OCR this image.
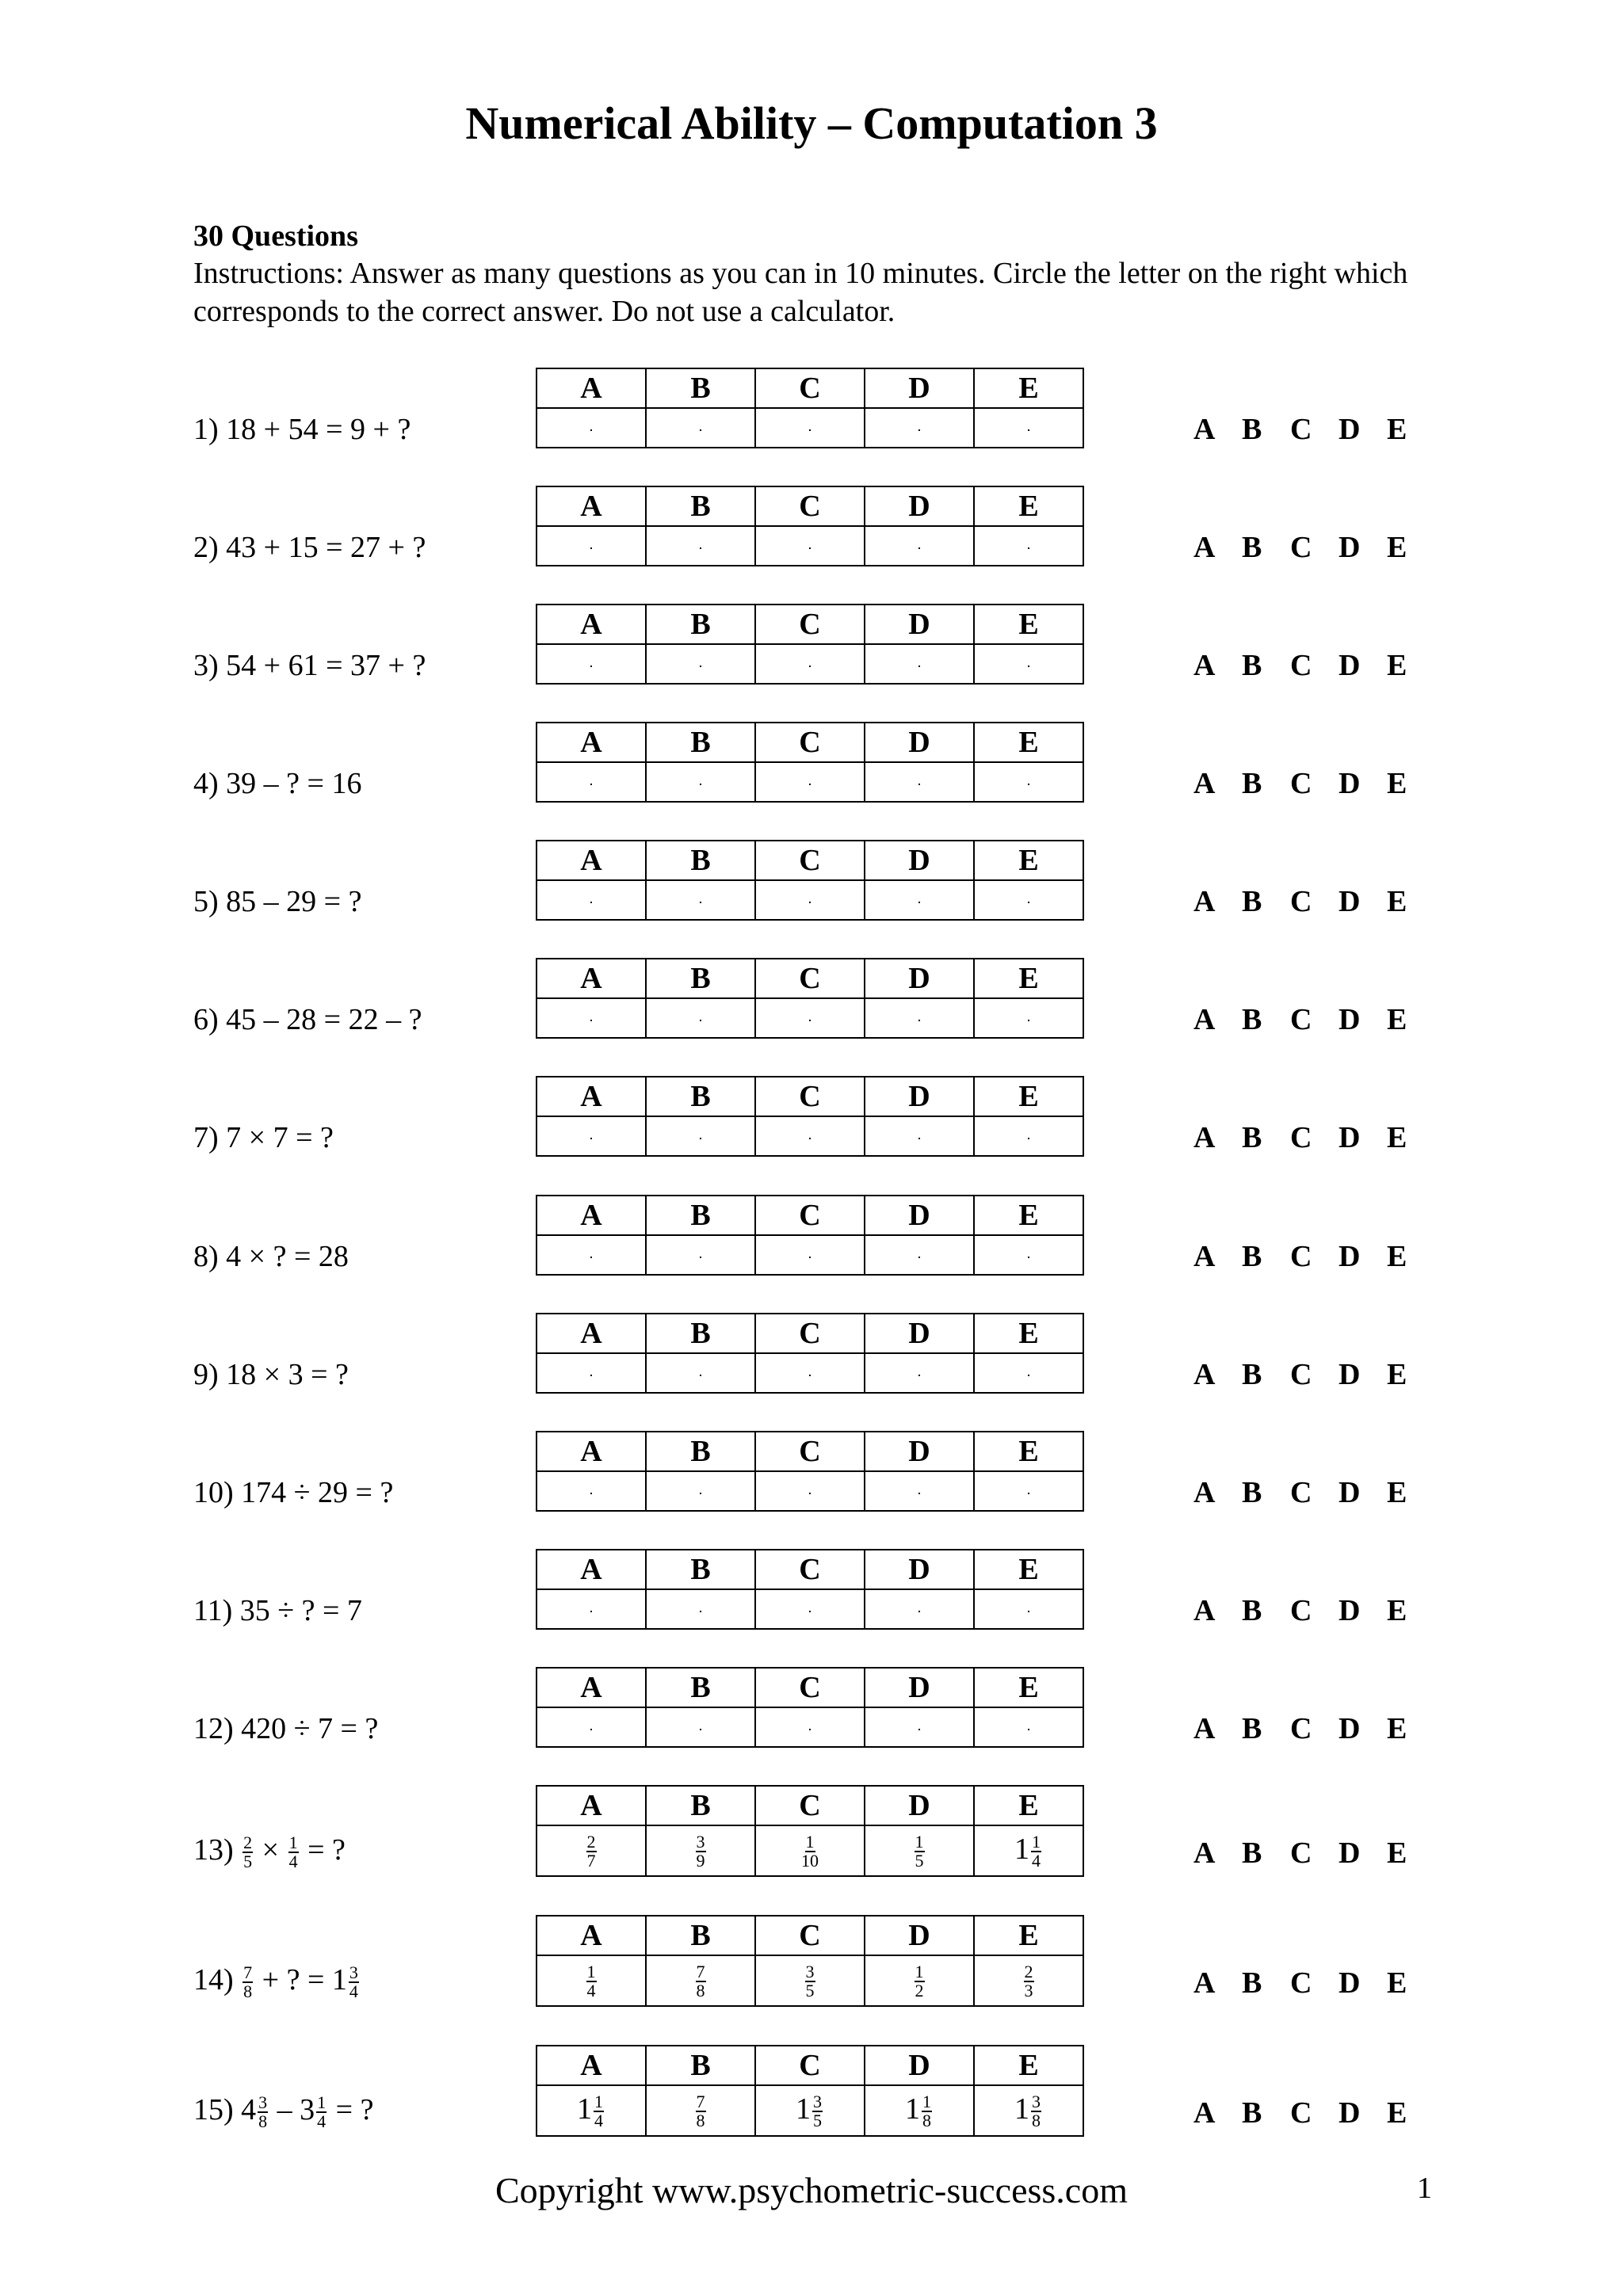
Numerical Ability – Computation 3
30 Questions
Instructions: Answer as many questions as you can in 10 minutes. Circle the letter on the right which corresponds to the correct answer. Do not use a calculator.
1) 18 + 54 = 9 + ?
A	B	C	D	E

A B C D E
2) 43 + 15 = 27 + ?
A	B	C	D	E

A B C D E
3) 54 + 61 = 37 + ?
A	B	C	D	E

A B C D E
4) 39 – ? = 16
A	B	C	D	E

A B C D E
5) 85 – 29 = ?
A	B	C	D	E

A B C D E
6) 45 – 28 = 22 – ?
A	B	C	D	E

A B C D E
7) 7 × 7 = ?
A	B	C	D	E

A B C D E
8) 4 × ? = 28
A	B	C	D	E

A B C D E
9) 18 × 3 = ?
A	B	C	D	E

A B C D E
10) 174 ÷ 29 = ?
A	B	C	D	E

A B C D E
11) 35 ÷ ? = 7
A	B	C	D	E

A B C D E
12) 420 ÷ 7 = ?
A	B	C	D	E

A B C D E
$13) \frac{2}{5} \times \frac{1}{4}$ = ?
A	B	C	D	E

$\frac{2}{7}$	$\frac{3}{9}$	$\frac{1}{10}$	$\frac{1}{5}$	$1 \frac{1}{4}$	A B C D E
$14) \frac{7}{8}$ + ? = $1 \frac{3}{4}$
A	B	C	D	E

$\frac{1}{4}$	$\frac{7}{8}$	$\frac{3}{5}$	$\frac{1}{2}$	$\frac{2}{3}$	A B C D E
15) $4 \frac{3}{8} - 3 \frac{1}{4}$ = ?
A	B	C	D	E
$1 \frac{1}{4}$	$\frac{7}{8}$	$1 \frac{3}{5}$	$1 \frac{1}{8}$	$1 \frac{3}{8}$	A B C D E
Copyright www.psychometric-success.com	1
